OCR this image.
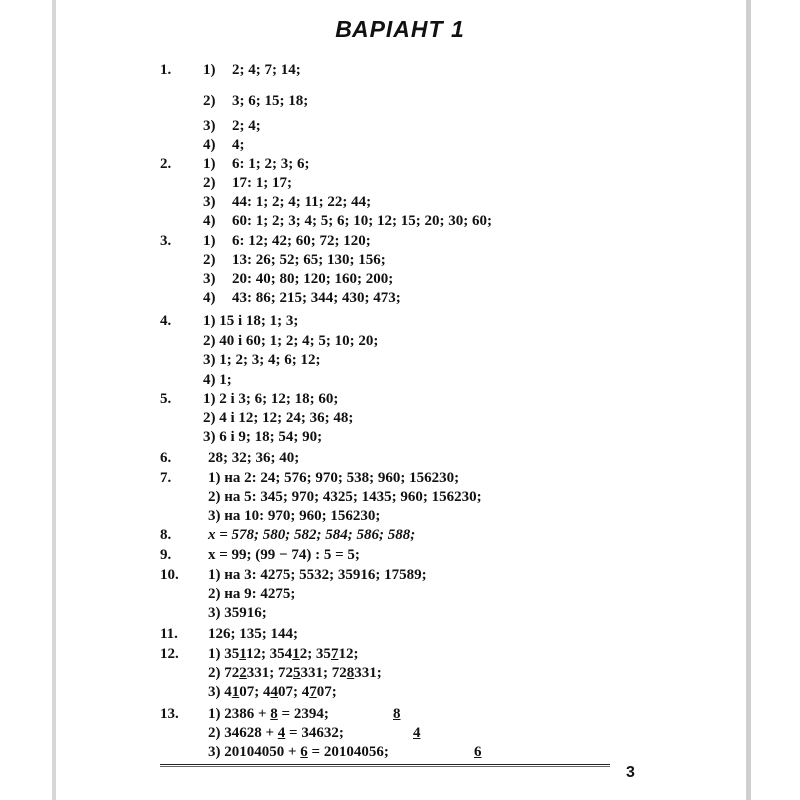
ВАРІАНТ 1
1.	1) 2; 4; 7; 14;
2) 3; 6; 15; 18;
3) 2; 4;
4) 4;
2.	1) 6: 1; 2; 3; 6;
2) 17: 1; 17;
3) 44: 1; 2; 4; 11; 22; 44;
4) 60: 1; 2; 3; 4; 5; 6; 10; 12; 15; 20; 30; 60;
3.	1) 6: 12; 42; 60; 72; 120;
2) 13: 26; 52; 65; 130; 156;
3) 20: 40; 80; 120; 160; 200;
4) 43: 86; 215; 344; 430; 473;
4.	1) 15 і 18; 1; 3;
2) 40 і 60; 1; 2; 4; 5; 10; 20;
3) 1; 2; 3; 4; 6; 12;
4) 1;
5.	1) 2 і 3; 6; 12; 18; 60;
2) 4 і 12; 12; 24; 36; 48;
3) 6 і 9; 18; 54; 90;
6.	28; 32; 36; 40;
7.	1) на 2: 24; 576; 970; 538; 960; 156230;
2) на 5: 345; 970; 4325; 1435; 960; 156230;
3) на 10: 970; 960; 156230;
8.	x = 578; 580; 582; 584; 586; 588;
9.	x = 99; (99 − 74) : 5 = 5;
10.	1) на 3: 4275; 5532; 35916; 17589;
2) на 9: 4275;
3) 35916;
11.	126; 135; 144;
12.	1) 35112; 35412; 35712;
2) 722331; 725331; 728331;
3) 4107; 4407; 4707;
13.	1) 2386 + 8 = 2394;	8
2) 34628 + 4 = 34632;	4
3) 20104050 + 6 = 20104056;	6
3
